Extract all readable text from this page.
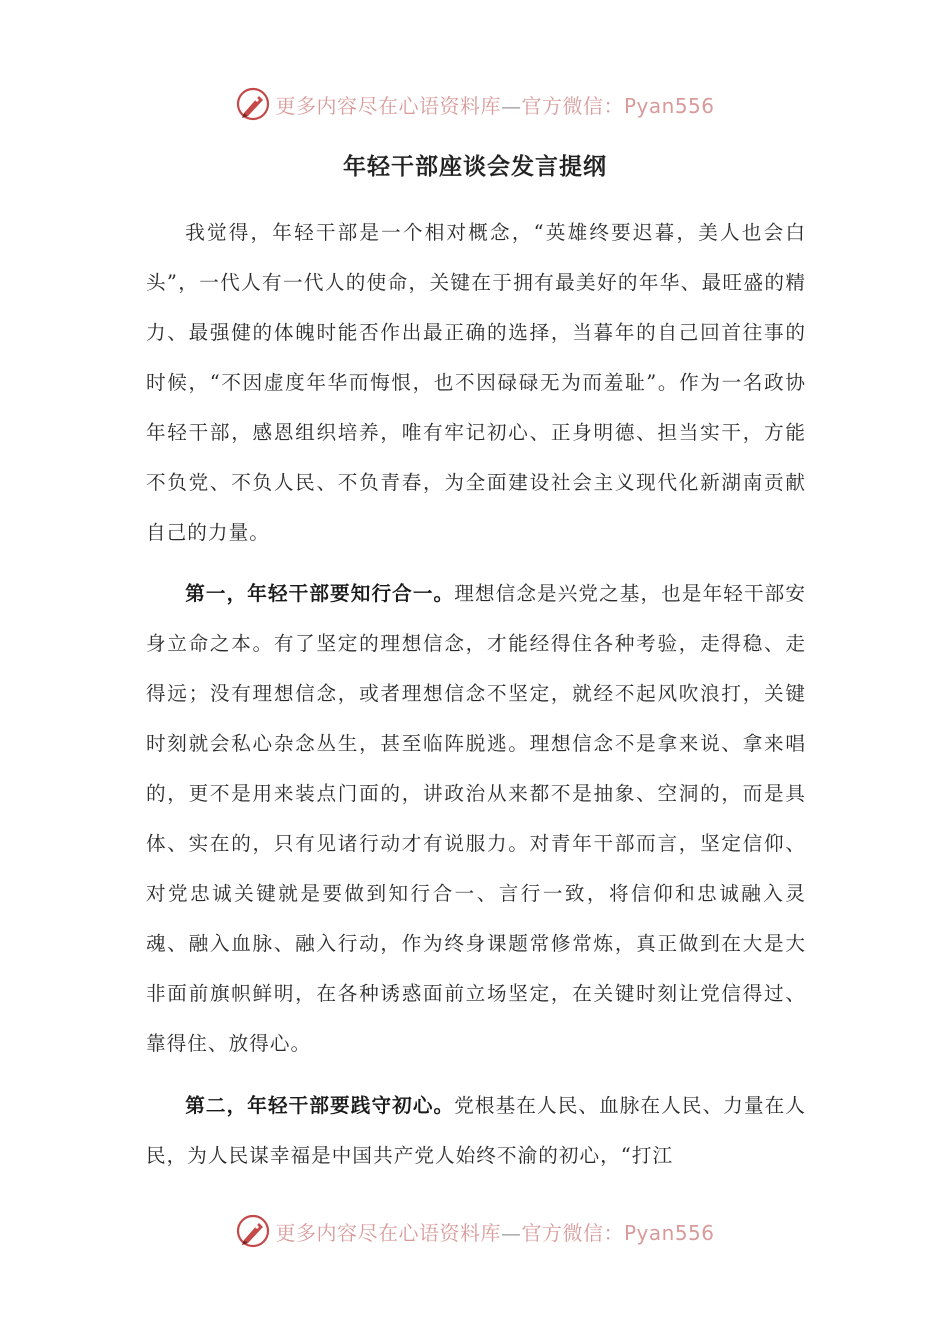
更多内容尽在心语资料库—官方微信：Pyan556
年轻干部座谈会发言提纲

我觉得，年轻干部是一个相对概念，“英雄终要迟暮，美人也会白头”，一代人有一代人的使命，关键在于拥有最美好的年华、最旺盛的精力、最强健的体魄时能否作出最正确的选择，当暮年的自己回首往事的时候，“不因虚度年华而悔恨，也不因碌碌无为而羞耻”。作为一名政协年轻干部，感恩组织培养，唯有牢记初心、正身明德、担当实干，方能不负党、不负人民、不负青春，为全面建设社会主义现代化新湖南贡献自己的力量。

第一，年轻干部要知行合一。理想信念是兴党之基，也是年轻干部安身立命之本。有了坚定的理想信念，才能经得住各种考验，走得稳、走得远；没有理想信念，或者理想信念不坚定，就经不起风吹浪打，关键时刻就会私心杂念丛生，甚至临阵脱逃。理想信念不是拿来说、拿来唱的，更不是用来装点门面的，讲政治从来都不是抽象、空洞的，而是具体、实在的，只有见诸行动才有说服力。对青年干部而言，坚定信仰、对党忠诚关键就是要做到知行合一、言行一致，将信仰和忠诚融入灵魂、融入血脉、融入行动，作为终身课题常修常炼，真正做到在大是大非面前旗帜鲜明，在各种诱惑面前立场坚定，在关键时刻让党信得过、靠得住、放得心。

第二，年轻干部要践守初心。党根基在人民、血脉在人民、力量在人民，为人民谋幸福是中国共产党人始终不渝的初心，“打江

更多内容尽在心语资料库—官方微信：Pyan556
